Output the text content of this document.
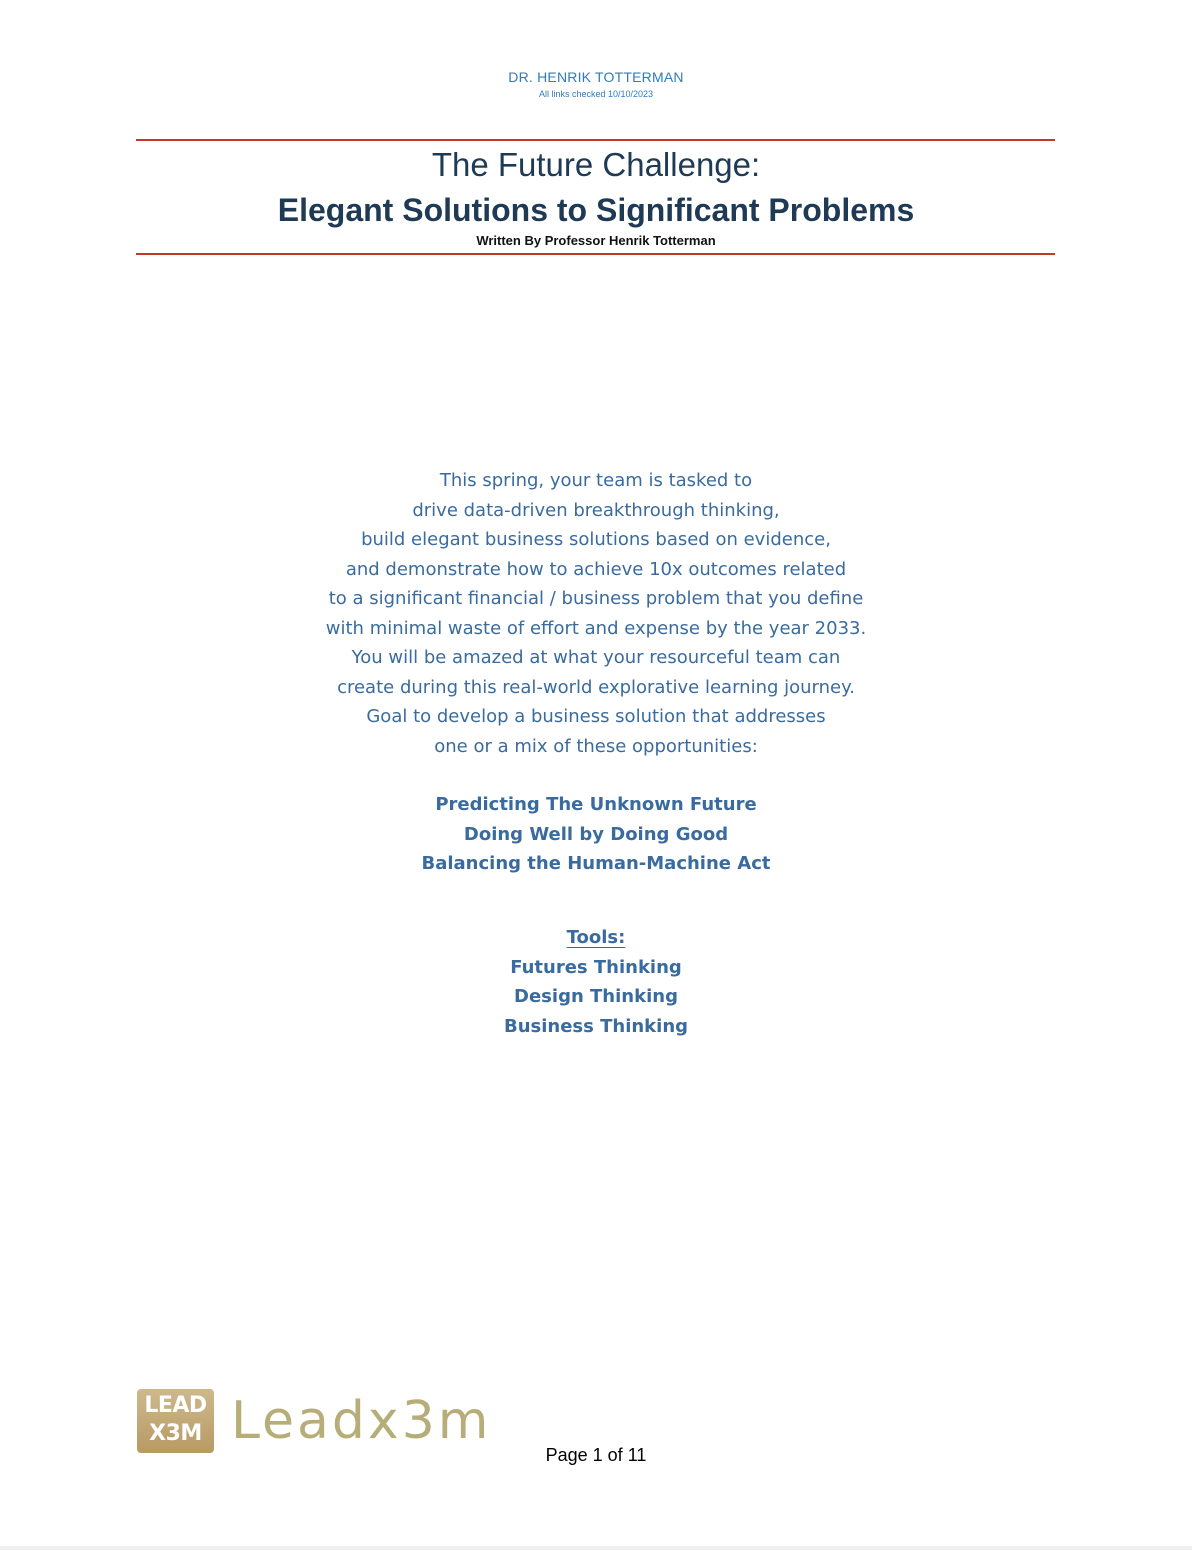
DR. HENRIK TOTTERMAN
All links checked 10/10/2023
The Future Challenge:
Elegant Solutions to Significant Problems
Written By Professor Henrik Totterman
This spring, your team is tasked to
drive data-driven breakthrough thinking,
build elegant business solutions based on evidence,
and demonstrate how to achieve 10x outcomes related
to a significant financial / business problem that you define
with minimal waste of effort and expense by the year 2033.
You will be amazed at what your resourceful team can
create during this real-world explorative learning journey.
Goal to develop a business solution that addresses
one or a mix of these opportunities:
Predicting The Unknown Future
Doing Well by Doing Good
Balancing the Human-Machine Act
Tools:
Futures Thinking
Design Thinking
Business Thinking
LEAD
X3M Leadx3m
Page 1 of 11
